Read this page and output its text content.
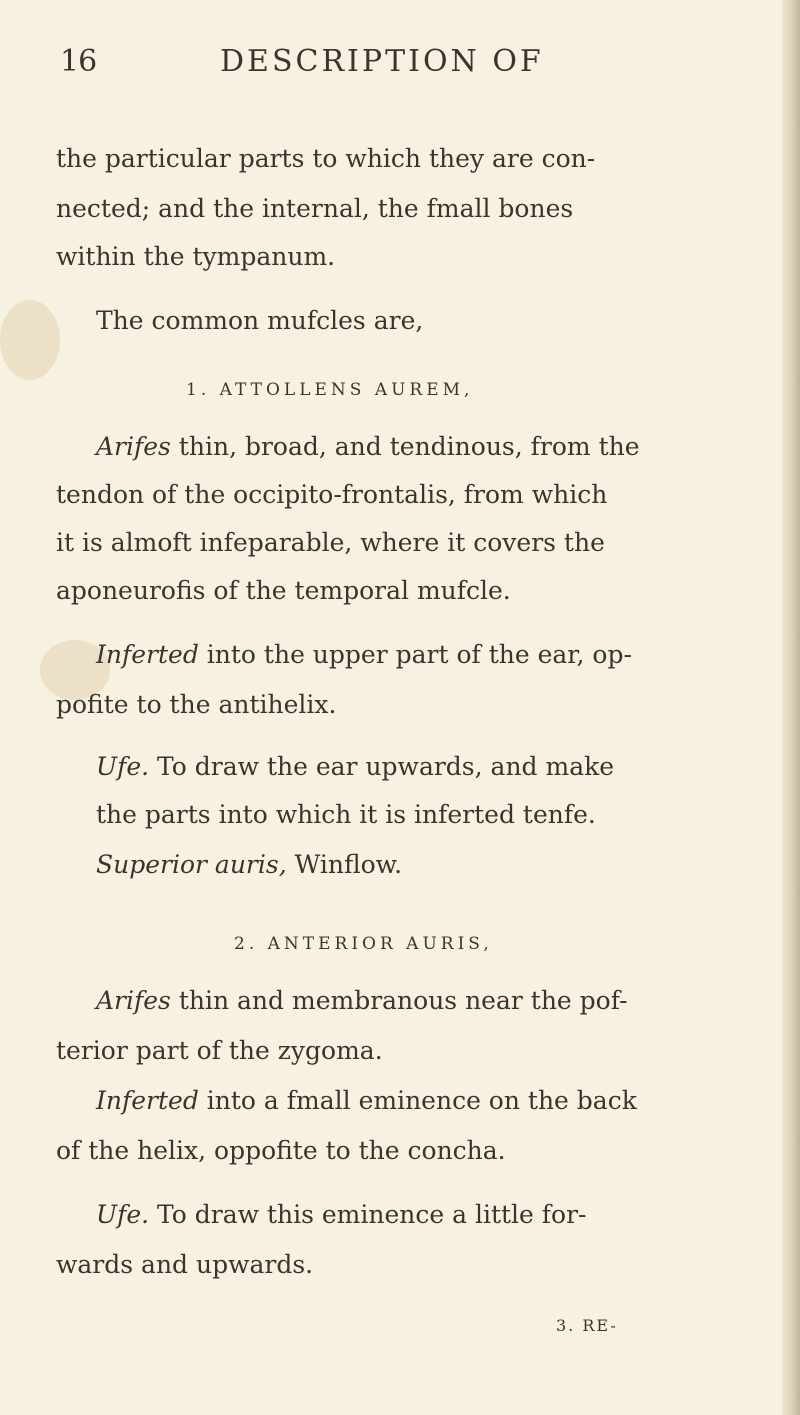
16	DESCRIPTION OF
the particular parts to which they are con-
nected; and the internal, the fmall bones
within the tympanum.
The common mufcles are,
1. ATTOLLENS AUREM,
Arifes thin, broad, and tendinous, from the
tendon of the occipito-frontalis, from which
it is almoft infeparable, where it covers the
aponeurofis of the temporal mufcle.
Inferted into the upper part of the ear, op-
pofite to the antihelix.
Ufe. To draw the ear upwards, and make
the parts into which it is inferted tenfe.
Superior auris, Winflow.
2. ANTERIOR AURIS,
Arifes thin and membranous near the pof-
terior part of the zygoma.
Inferted into a fmall eminence on the back
of the helix, oppofite to the concha.
Ufe. To draw this eminence a little for-
wards and upwards.
3. RE-
